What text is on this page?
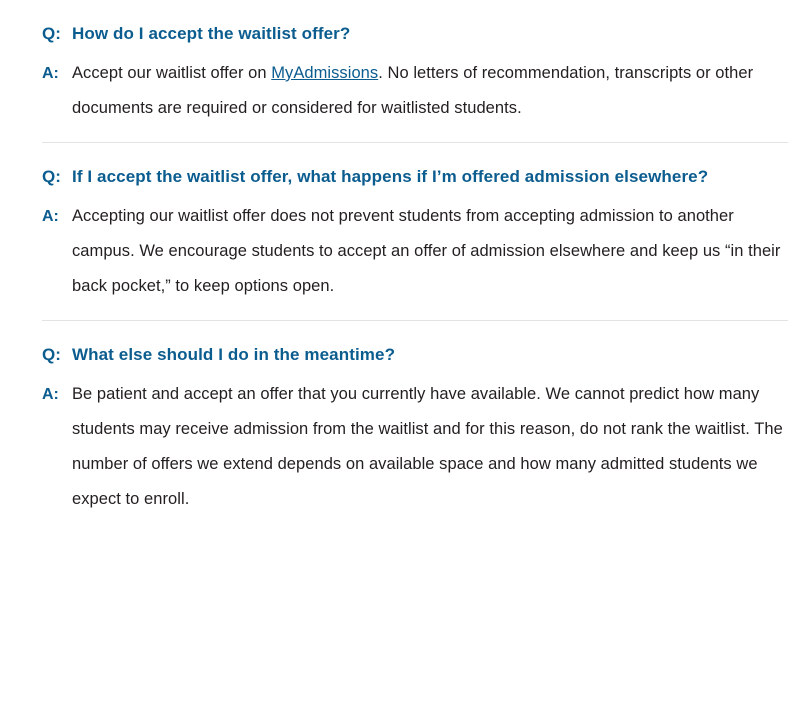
Q: How do I accept the waitlist offer?
A: Accept our waitlist offer on MyAdmissions. No letters of recommendation, transcripts or other documents are required or considered for waitlisted students.
Q: If I accept the waitlist offer, what happens if I’m offered admission elsewhere?
A: Accepting our waitlist offer does not prevent students from accepting admission to another campus. We encourage students to accept an offer of admission elsewhere and keep us “in their back pocket,” to keep options open.
Q: What else should I do in the meantime?
A: Be patient and accept an offer that you currently have available. We cannot predict how many students may receive admission from the waitlist and for this reason, do not rank the waitlist. The number of offers we extend depends on available space and how many admitted students we expect to enroll.
